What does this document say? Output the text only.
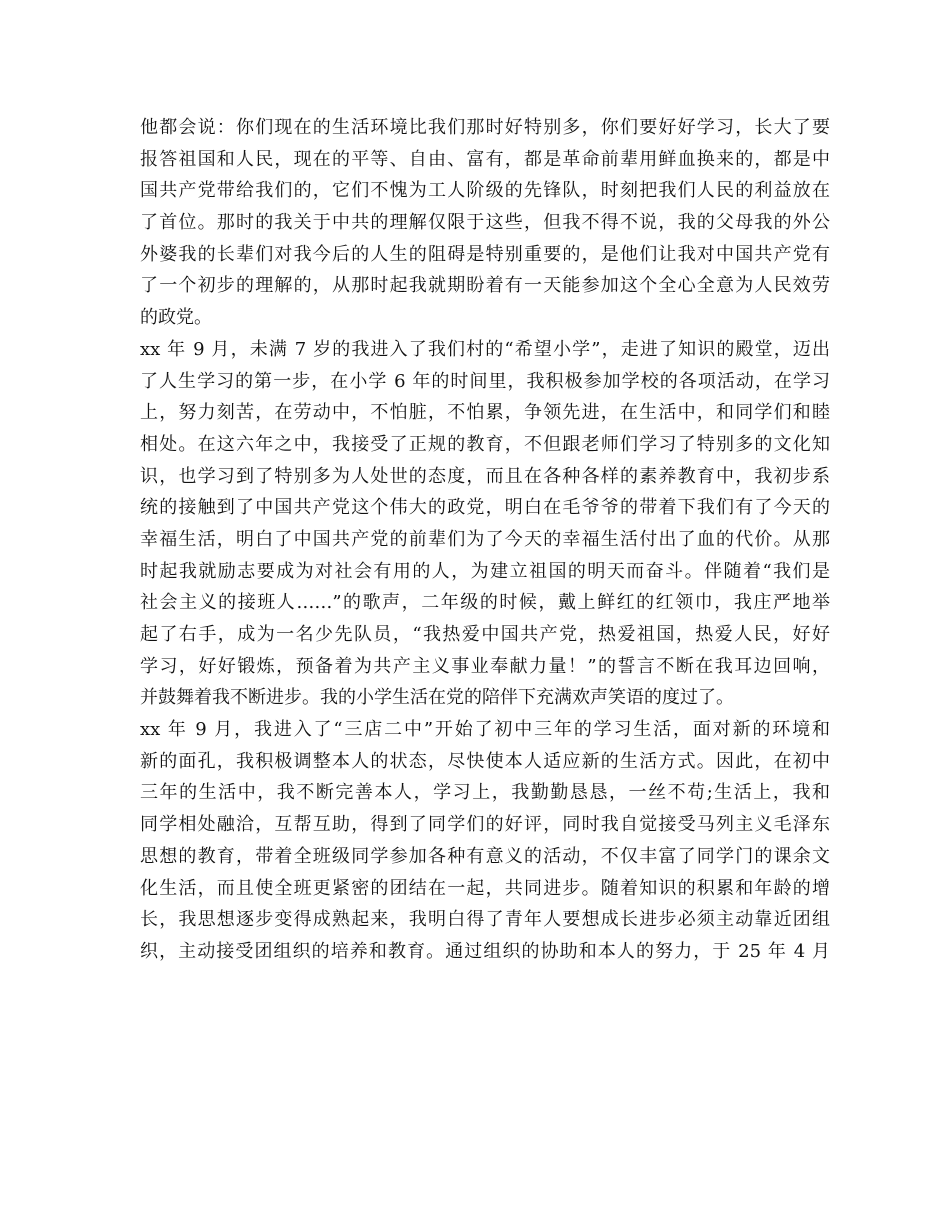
他都会说：你们现在的生活环境比我们那时好特别多，你们要好好学习，长大了要
报答祖国和人民，现在的平等、自由、富有，都是革命前辈用鲜血换来的，都是中
国共产党带给我们的，它们不愧为工人阶级的先锋队，时刻把我们人民的利益放在
了首位。那时的我关于中共的理解仅限于这些，但我不得不说，我的父母我的外公
外婆我的长辈们对我今后的人生的阻碍是特别重要的，是他们让我对中国共产党有
了一个初步的理解的，从那时起我就期盼着有一天能参加这个全心全意为人民效劳
的政党。
xx 年 9 月，未满 7 岁的我进入了我们村的“希望小学”，走进了知识的殿堂，迈出
了人生学习的第一步，在小学 6 年的时间里，我积极参加学校的各项活动，在学习
上，努力刻苦，在劳动中，不怕脏，不怕累，争领先进，在生活中，和同学们和睦
相处。在这六年之中，我接受了正规的教育，不但跟老师们学习了特别多的文化知
识，也学习到了特别多为人处世的态度，而且在各种各样的素养教育中，我初步系
统的接触到了中国共产党这个伟大的政党，明白在毛爷爷的带着下我们有了今天的
幸福生活，明白了中国共产党的前辈们为了今天的幸福生活付出了血的代价。从那
时起我就励志要成为对社会有用的人，为建立祖国的明天而奋斗。伴随着“我们是
社会主义的接班人……”的歌声，二年级的时候，戴上鲜红的红领巾，我庄严地举
起了右手，成为一名少先队员，“我热爱中国共产党，热爱祖国，热爱人民，好好
学习，好好锻炼，预备着为共产主义事业奉献力量！”的誓言不断在我耳边回响，
并鼓舞着我不断进步。我的小学生活在党的陪伴下充满欢声笑语的度过了。
xx 年 9 月，我进入了“三店二中”开始了初中三年的学习生活，面对新的环境和
新的面孔，我积极调整本人的状态，尽快使本人适应新的生活方式。因此，在初中
三年的生活中，我不断完善本人，学习上，我勤勤恳恳，一丝不苟;生活上，我和
同学相处融洽，互帮互助，得到了同学们的好评，同时我自觉接受马列主义毛泽东
思想的教育，带着全班级同学参加各种有意义的活动，不仅丰富了同学门的课余文
化生活，而且使全班更紧密的团结在一起，共同进步。随着知识的积累和年龄的增
长，我思想逐步变得成熟起来，我明白得了青年人要想成长进步必须主动靠近团组
织，主动接受团组织的培养和教育。通过组织的协助和本人的努力，于 25 年 4 月
